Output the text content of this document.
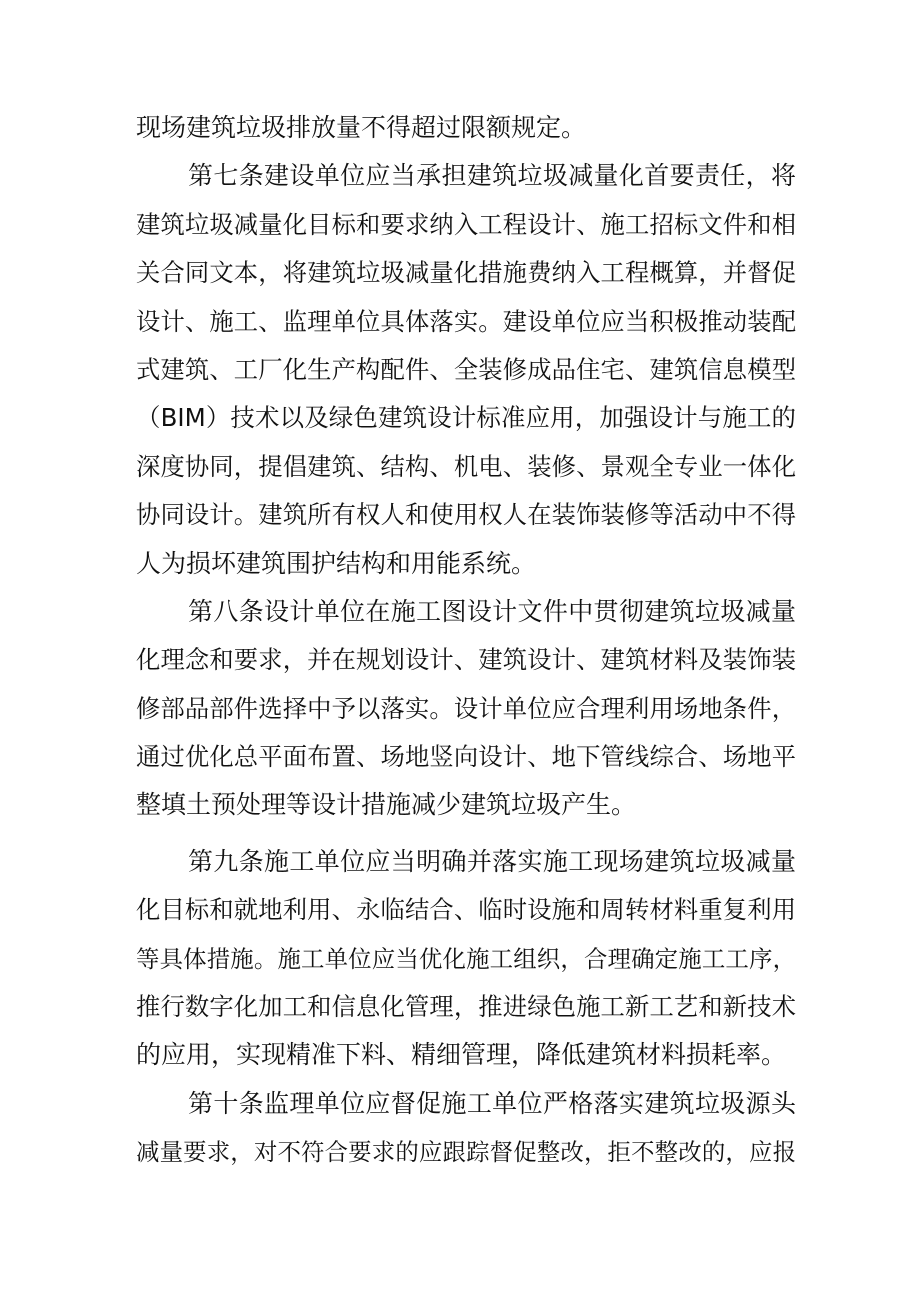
现场建筑垃圾排放量不得超过限额规定。
第七条建设单位应当承担建筑垃圾减量化首要责任，将
建筑垃圾减量化目标和要求纳入工程设计、施工招标文件和相
关合同文本，将建筑垃圾减量化措施费纳入工程概算，并督促
设计、施工、监理单位具体落实。建设单位应当积极推动装配
式建筑、工厂化生产构配件、全装修成品住宅、建筑信息模型
（BIM）技术以及绿色建筑设计标准应用，加强设计与施工的
深度协同，提倡建筑、结构、机电、装修、景观全专业一体化
协同设计。建筑所有权人和使用权人在装饰装修等活动中不得
人为损坏建筑围护结构和用能系统。
第八条设计单位在施工图设计文件中贯彻建筑垃圾减量
化理念和要求，并在规划设计、建筑设计、建筑材料及装饰装
修部品部件选择中予以落实。设计单位应合理利用场地条件，
通过优化总平面布置、场地竖向设计、地下管线综合、场地平
整填土预处理等设计措施减少建筑垃圾产生。
第九条施工单位应当明确并落实施工现场建筑垃圾减量
化目标和就地利用、永临结合、临时设施和周转材料重复利用
等具体措施。施工单位应当优化施工组织，合理确定施工工序，
推行数字化加工和信息化管理，推进绿色施工新工艺和新技术
的应用，实现精准下料、精细管理，降低建筑材料损耗率。
第十条监理单位应督促施工单位严格落实建筑垃圾源头
减量要求，对不符合要求的应跟踪督促整改，拒不整改的，应报
